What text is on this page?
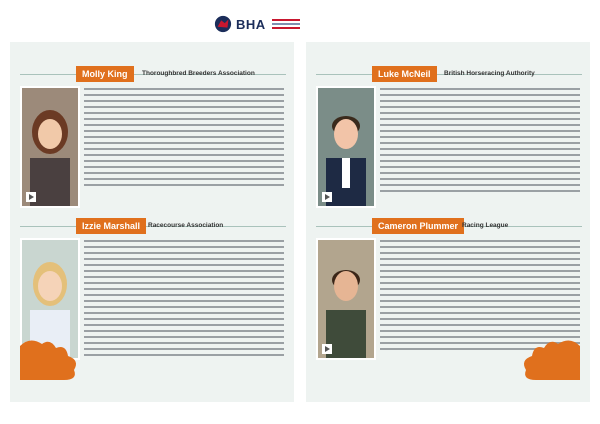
BHA
Molly King	Thoroughbred Breeders Association
Izzie Marshall	Racecourse Association
Luke McNeil	British Horseracing Authority
Cameron Plummer Racing League
